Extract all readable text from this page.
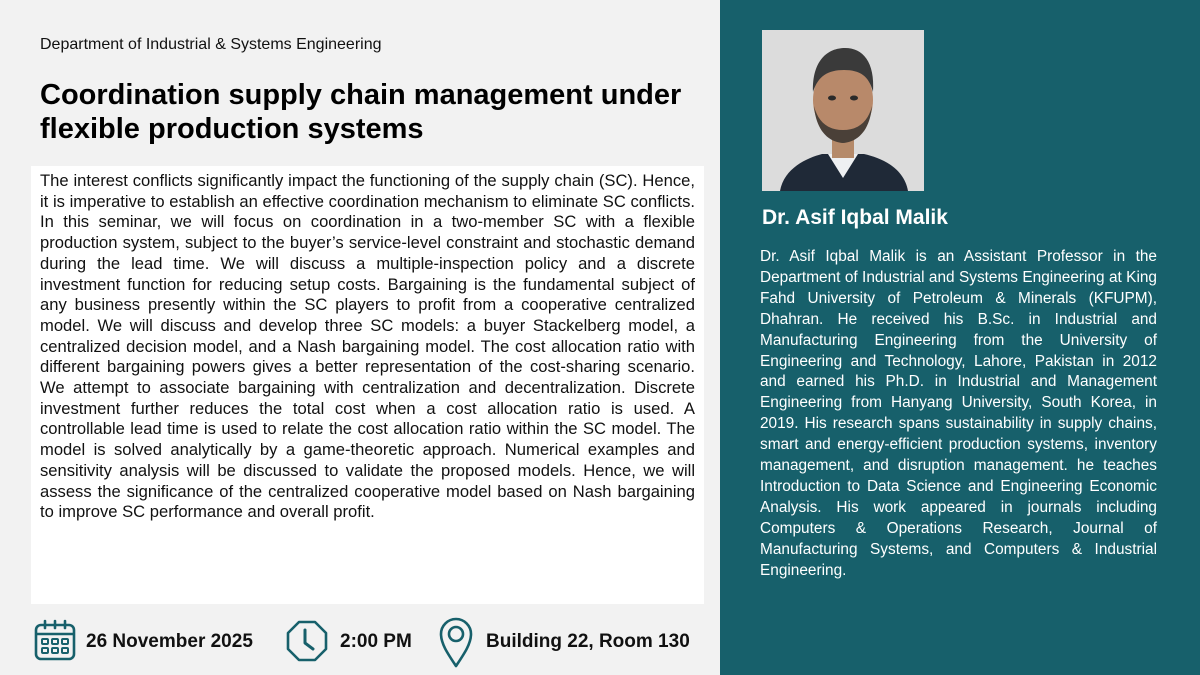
Department of Industrial & Systems Engineering
Coordination supply chain management under flexible production systems

The interest conflicts significantly impact the functioning of the supply chain (SC). Hence, it is imperative to establish an effective coordination mechanism to eliminate SC conflicts. In this seminar, we will focus on coordination in a two-member SC with a flexible production system, subject to the buyer’s service-level constraint and stochastic demand during the lead time. We will discuss a multiple-inspection policy and a discrete investment function for reducing setup costs. Bargaining is the fundamental subject of any business presently within the SC players to profit from a cooperative centralized model. We will discuss and develop three SC models: a buyer Stackelberg model, a centralized decision model, and a Nash bargaining model. The cost allocation ratio with different bargaining powers gives a better representation of the cost-sharing scenario. We attempt to associate bargaining with centralization and decentralization. Discrete investment further reduces the total cost when a cost allocation ratio is used. A controllable lead time is used to relate the cost allocation ratio within the SC model. The model is solved analytically by a game-theoretic approach. Numerical examples and sensitivity analysis will be discussed to validate the proposed models. Hence, we will assess the significance of the centralized cooperative model based on Nash bargaining to improve SC performance and overall profit.

26 November 2025	2:00 PM	Building 22, Room 130
Dr. Asif Iqbal Malik

Dr. Asif Iqbal Malik is an Assistant Professor in the Department of Industrial and Systems Engineering at King Fahd University of Petroleum & Minerals (KFUPM), Dhahran. He received his B.Sc. in Industrial and Manufacturing Engineering from the University of Engineering and Technology, Lahore, Pakistan in 2012 and earned his Ph.D. in Industrial and Management Engineering from Hanyang University, South Korea, in 2019. His research spans sustainability in supply chains, smart and energy-efficient production systems, inventory management, and disruption management. he teaches Introduction to Data Science and Engineering Economic Analysis. His work appeared in journals including Computers & Operations Research, Journal of Manufacturing Systems, and Computers & Industrial Engineering.
